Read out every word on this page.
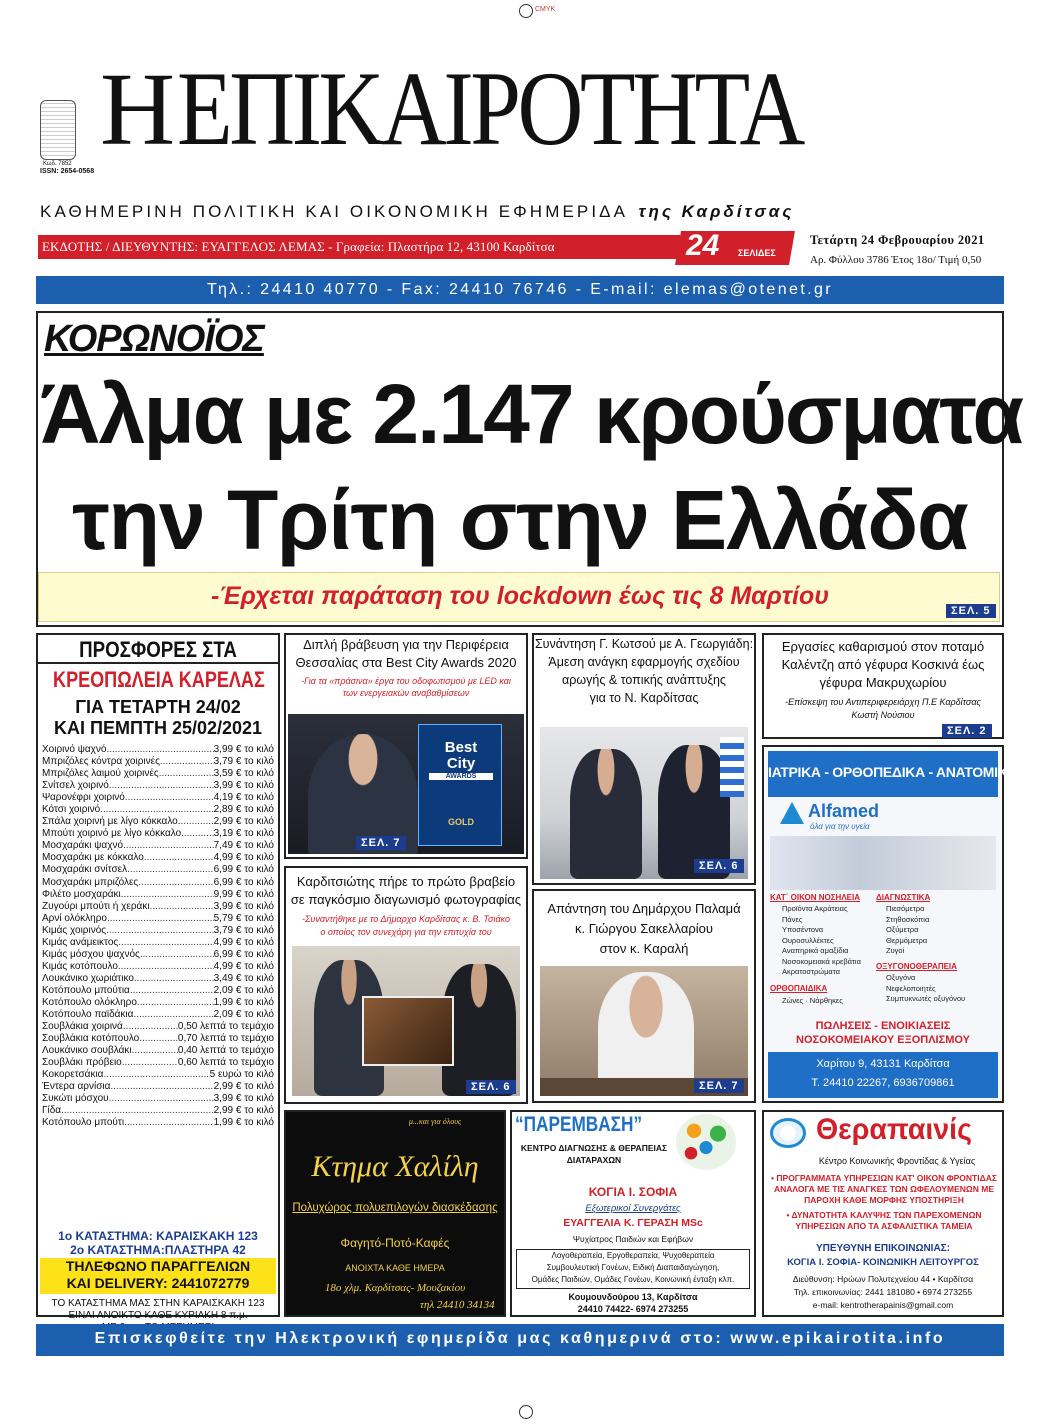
CMYK
Κωδ. 7852
ISSN: 2654-0568
Η ΕΠΙΚΑΙΡΟΤΗΤΑ
ΚΑΘΗΜΕΡΙΝΗ ΠΟΛΙΤΙΚΗ ΚΑΙ ΟΙΚΟΝΟΜΙΚΗ ΕΦΗΜΕΡΙΔΑ της Καρδίτσας
ΕΚΔΟΤΗΣ / ΔΙΕΥΘΥΝΤΗΣ: ΕΥΑΓΓΕΛΟΣ ΛΕΜΑΣ - Γραφεία: Πλαστήρα 12, 43100 Καρδίτσα	24 ΣΕΛΙΔΕΣ
Τετάρτη 24 Φεβρουαρίου 2021
Αρ. Φύλλου 3786 Έτος 18ο/ Τιμή 0,50
Τηλ.: 24410 40770 - Fax: 24410 76746 - E-mail: elemas@otenet.gr
ΚΟΡΩΝΟΪΟΣ
Άλμα με 2.147 κρούσματα
την Τρίτη στην Ελλάδα
-Έρχεται παράταση του lockdown έως τις 8 Μαρτίου
ΣΕΛ. 5
ΠΡΟΣΦΟΡΕΣ ΣΤΑ
ΚΡΕΟΠΩΛΕΙΑ ΚΑΡΕΛΑΣ
ΓΙΑ ΤΕΤΑΡΤΗ 24/02
ΚΑΙ ΠΕΜΠΤΗ 25/02/2021
Χοιρινό ψαχνό .....	3,99 € το κιλό
Μπριζόλες κόντρα χοιρινές .....	3,79 € το κιλό
Μπριζόλες λαιμού χοιρινές .....	3,59 € το κιλό
Σνίτσελ χοιρινό .....	3,99 € το κιλό
Ψαρονέφρι χοιρινό .....	4,19 € το κιλό
Κότσι χοιρινό .....	2,89 € το κιλό
Σπάλα χοιρινή με λίγο κόκκαλο .....	2,99 € το κιλό
Μπούτι χοιρινό με λίγο κόκκαλο .....	3,19 € το κιλό
Μοσχαράκι ψαχνό .....	7,49 € το κιλό
Μοσχαράκι με κόκκαλο .....	4,99 € το κιλό
Μοσχαράκι σνίτσελ .....	6,99 € το κιλό
Μοσχαράκι μπριζόλες .....	6,99 € το κιλό
Φιλέτο μοσχαράκι .....	9,99 € το κιλό
Ζυγούρι μπούτι ή χεράκι .....	3,99 € το κιλό
Αρνί ολόκληρο .....	5,79 € το κιλό
Κιμάς χοιρινός .....	3,79 € το κιλό
Κιμάς ανάμεικτος .....	4,99 € το κιλό
Κιμάς μόσχου ψαχνός .....	6,99 € το κιλό
Κιμάς κοτόπουλο .....	4,99 € το κιλό
Λουκάνικο χωριάτικο .....	3,49 € το κιλό
Κοτόπουλο μπούτια .....	2,09 € το κιλό
Κοτόπουλο ολόκληρο .....	1,99 € το κιλό
Κοτόπουλο παϊδάκια .....	2,09 € το κιλό
Σουβλάκια χοιρινά .....	0,50 λεπτά το τεμάχιο
Σουβλάκια κοτόπουλο .....	0,70 λεπτά το τεμάχιο
Λουκάνικο σουβλάκι .....	0,40 λεπτά το τεμάχιο
Σουβλάκι πρόβειο .....	0,60 λεπτά το τεμάχιο
Κοκορετσάκια .....	5 ευρώ το κιλό
Έντερα αρνίσια .....	2,99 € το κιλό
Συκώτι μόσχου .....	3,99 € το κιλό
Γίδα .....	2,99 € το κιλό
Κοτόπουλο μπούτι .....	1,99 € το κιλό
1ο ΚΑΤΑΣΤΗΜΑ: ΚΑΡΑΙΣΚΑΚΗ 123
2ο ΚΑΤΑΣΤΗΜΑ:ΠΛΑΣΤΗΡΑ 42
ΤΗΛΕΦΩΝΟ ΠΑΡΑΓΓΕΛΙΩΝ
ΚΑΙ DELIVERY: 2441072779
ΤΟ ΚΑΤΑΣΤΗΜΑ ΜΑΣ ΣΤΗΝ ΚΑΡΑΙΣΚΑΚΗ 123
ΕΙΝΑΙ ΑΝΟΙΚΤΟ ΚΑΘΕ ΚΥΡΙΑΚΗ 8 π.μ.
Διπλή βράβευση για την Περιφέρεια
Θεσσαλίας στα Best City Awards 2020
-Για τα «πράσινα» έργα του οδοφωτισμού με LED και
των ενεργειακών αναβαθμίσεων
Best
City
AWARDS
GOLD
ΣΕΛ. 7
Συνάντηση Γ. Κωτσού με Α. Γεωργιάδη:
Άμεση ανάγκη εφαρμογής σχεδίου
αρωγής & τοπικής ανάπτυξης
για το Ν. Καρδίτσας
ΣΕΛ. 6
Εργασίες καθαρισμού στον ποταμό
Καλέντζη από γέφυρα Κοσκινά έως
γέφυρα Μακρυχωρίου
-Επίσκεψη του Αντιπεριφερειάρχη Π.Ε Καρδίτσας
Κωστή Νούσιου
ΣΕΛ. 2
Καρδιτσιώτης πήρε το πρώτο βραβείο
σε παγκόσμιο διαγωνισμό φωτογραφίας
-Συναντήθηκε με το Δήμαρχο Καρδίτσας κ. Β. Τσιάκο
ο οποίος τον συνεχάρη για την επιτυχία του
ΣΕΛ. 6
Απάντηση του Δημάρχου Παλαμά
κ. Γιώργου Σακελλαρίου
στον κ. Καραλή
ΣΕΛ. 7
ΙΑΤΡΙΚΑ - ΟΡΘΟΠΕΔΙΚΑ - ΑΝΑΤΟΜΙΚΑ
Alfamed
όλα για την υγεία
ΚΑΤ΄ ΟΙΚΟΝ ΝΟΣΗΛΕΙΑ
Προϊόντα Ακράτειας
Πάνες
Υποσέντονα
Ουροσυλλέκτες
Αναπηρικά αμαξίδια
Νοσοκομειακά κρεβάτια
Ακρατοστρώματα
ΟΡΘΟΠΑΙΔΙΚΑ
Ζώνες · Νάρθηκες
ΔΙΑΓΝΩΣΤΙΚΑ
Πιεσόμετρα
Στηθοσκόπια
Οξύμετρα
Θερμόμετρα
Ζυγοί
ΟΞΥΓΟΝΟΘΕΡΑΠΕΙΑ
Οξυγόνα
Νεφελοποιητές
Συμπυκνωτές οξυγόνου
ΠΩΛΗΣΕΙΣ - ΕΝΟΙΚΙΑΣΕΙΣ
ΝΟΣΟΚΟΜΕΙΑΚΟΥ ΕΞΟΠΛΙΣΜΟΥ
Χαρίτου 9, 43131 Καρδίτσα
Τ. 24410 22267, 6936709861
μ...και για όλους
Κτημα Χαλίλη
Πολυχώρος πολυεπιλογών διασκέδασης
Φαγητό-Ποτό-Καφές
ΑΝΟΙΧΤΑ ΚΑΘΕ ΗΜΕΡΑ
18ο χλμ. Καρδίτσας- Μουζακίου
τηλ 24410 34134
“ΠΑΡΕΜΒΑΣΗ”
ΚΕΝΤΡΟ ΔΙΑΓΝΩΣΗΣ & ΘΕΡΑΠΕΙΑΣ
ΔΙΑΤΑΡΑΧΩΝ
ΚΟΓΙΑ Ι. ΣΟΦΙΑ
Εξωτερικοί Συνεργάτες
ΕΥΑΓΓΕΛΙΑ Κ. ΓΕΡΑΣΗ MSc
Ψυχίατρος Παιδιών και Εφήβων
Λογοθεραπεία, Εργοθεραπεία, Ψυχοθεραπεία
Συμβουλευτική Γονέων, Ειδική Διαπαιδαγώγηση,
Ομάδες Παιδιών, Ομάδες Γονέων, Κοινωνική ένταξη κλπ.
Κουμουνδούρου 13, Καρδίτσα
24410 74422- 6974 273255
Θεραπαινίς
Κέντρο Κοινωνικής Φροντίδας & Υγείας
• ΠΡΟΓΡΑΜΜΑΤΑ ΥΠΗΡΕΣΙΩΝ ΚΑΤ' ΟΙΚΟΝ ΦΡΟΝΤΙΔΑΣ ΑΝΑΛΟΓΑ ΜΕ ΤΙΣ ΑΝΑΓΚΕΣ ΤΩΝ ΩΦΕΛΟΥΜΕΝΩΝ ΜΕ ΠΑΡΟΧΗ ΚΑΘΕ ΜΟΡΦΗΣ ΥΠΟΣΤΗΡΙΞΗ
• ΔΥΝΑΤΟΤΗΤΑ ΚΑΛΥΨΗΣ ΤΩΝ ΠΑΡΕΧΟΜΕΝΩΝ ΥΠΗΡΕΣΙΩΝ ΑΠΟ ΤΑ ΑΣΦΑΛΙΣΤΙΚΑ ΤΑΜΕΙΑ
ΥΠΕΥΘΥΝΗ ΕΠΙΚΟΙΝΩΝΙΑΣ:
ΚΟΓΙΑ Ι. ΣΟΦΙΑ- ΚΟΙΝΩΝΙΚΗ ΛΕΙΤΟΥΡΓΟΣ
Διεύθυνση: Ηρώων Πολυτεχνείου 44 • Καρδίτσα
Τηλ. επικοινωνίας: 2441 181080 • 6974 273255
e-mail: kentrotherapainis@gmail.com
Επισκεφθείτε την Ηλεκτρονική εφημερίδα μας καθημερινά στο: www.epikairotita.info
